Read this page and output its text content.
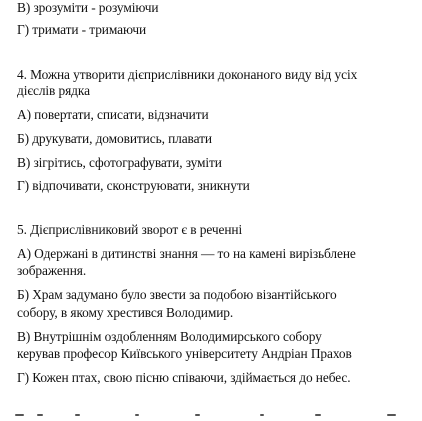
В) зрозуміти - розуміючи
Г) тримати - тримаючи
4. Можна утворити дієприслівники доконаного виду від усіх
дієслів рядка
А) повертати, списати, відзначити
Б) друкувати, домовитись, плавати
В) зігрітись, сфотографувати, зуміти
Г) відпочивати, сконструювати, зникнути
5. Дієприслівниковий зворот є в реченні
А) Одержані в дитинстві знання — то на камені вирізьблене
зображення.
Б) Храм задумано було звести за подобою візантійського
собору, в якому хрестився Володимир.
В) Внутрішнім оздобленням Володимирського собору
керував професор Київського університету Андріан Прахов
Г) Кожен птах, свою пісню співаючи, здіймається до небес.
